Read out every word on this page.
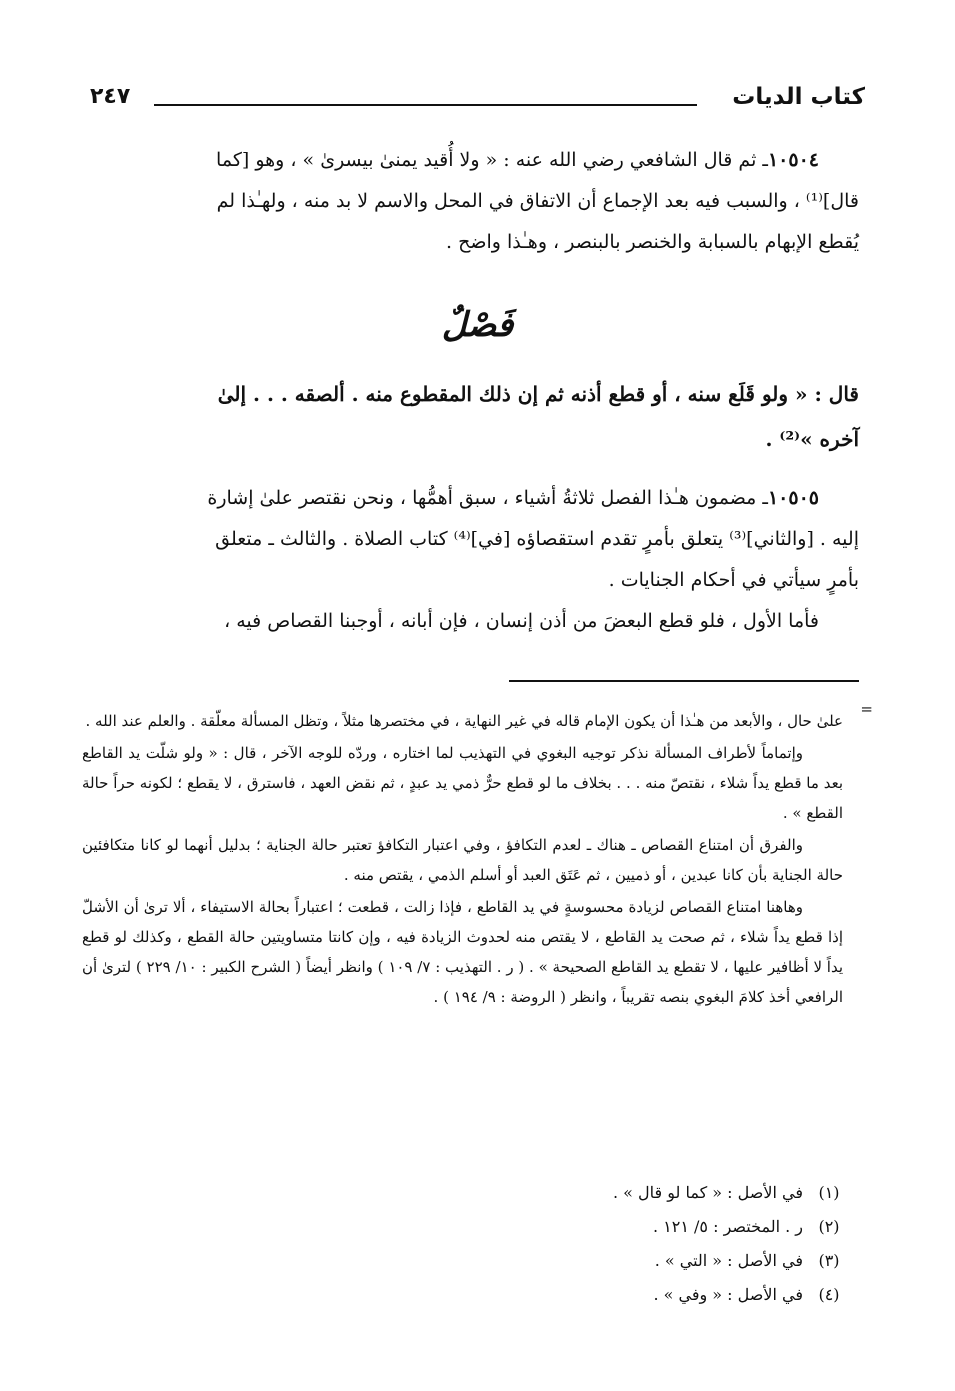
كتاب الديات
٢٤٧

١٠٥٠٤ـ ثم قال الشافعي رضي الله عنه : « ولا أُقيد يمنىٰ بيسرىٰ » ، وهو [كما

قال]⁽¹⁾ ، والسبب فيه بعد الإجماع أن الاتفاق في المحل والاسم لا بد منه ، ولهـٰذا لم

يُقطع الإبهام بالسبابة والخنصر بالبنصر ، وهـٰذا واضح .

فَصْلٌ

قال : « ولو قَلَع سنه ، أو قطع أذنه ثم إن ذلك المقطوع منه . ألصقه . . . إلىٰ

آخره »⁽²⁾ .

١٠٥٠٥ـ مضمون هـٰذا الفصل ثلاثةُ أشياء ، سبق أهمُّها ، ونحن نقتصر علىٰ إشارة

إليه . [والثاني]⁽³⁾ يتعلق بأمرٍ تقدم استقصاؤه [في]⁽⁴⁾ كتاب الصلاة . والثالث ـ متعلق

بأمرٍ سيأتي في أحكام الجنايات .

فأما الأول ، فلو قطع البعضَ من أذن إنسان ، فإن أبانه ، أوجبنا القصاص فيه ،

=

علىٰ حال ، والأبعد من هـٰذا أن يكون الإمام قاله في غير النهاية ، في مختصرها مثلاً ، وتظل المسألة معلّقة . والعلم عند الله .

وإتماماً لأطراف المسألة نذكر توجيه البغوي في التهذيب لما اختاره ، وردّه للوجه الآخر ، قال : « ولو شلّت يد القاطع بعد ما قطع يداً شلاء ، نقتصّ منه . . . بخلاف ما لو قطع حرٌّ ذمي يد عبدٍ ، ثم نقض العهد ، فاسترق ، لا يقطع ؛ لكونه حراً حالة القطع » .

والفرق أن امتناع القصاص ـ هناك ـ لعدم التكافؤ ، وفي اعتبار التكافؤ تعتبر حالة الجناية ؛ بدليل أنهما لو كانا متكافئين حالة الجناية بأن كانا عبدين ، أو ذميين ، ثم عَتَق العبد أو أسلم الذمي ، يقتص منه .

وهاهنا امتناع القصاص لزيادة محسوسةٍ في يد القاطع ، فإذا زالت ، قطعت ؛ اعتباراً بحالة الاستيفاء ، ألا ترىٰ أن الأشلّ إذا قطع يداً شلاء ، ثم صحت يد القاطع ، لا يقتص منه لحدوث الزيادة فيه ، وإن كانتا متساويتين حالة القطع ، وكذلك لو قطع يداً لا أظافير عليها ، لا تقطع يد القاطع الصحيحة » . ( ر . التهذيب : ٧/ ١٠٩ ) وانظر أيضاً ( الشرح الكبير : ١٠/ ٢٢٩ ) لترىٰ أن الرافعي أخذ كلامَ البغوي بنصه تقريباً ، وانظر ( الروضة : ٩/ ١٩٤ ) .

(١)
في الأصل : « كما لو قال » .
(٢)
ر . المختصر : ٥/ ١٢١ .
(٣)
في الأصل : « التي » .
(٤)
في الأصل : « وفي » .
